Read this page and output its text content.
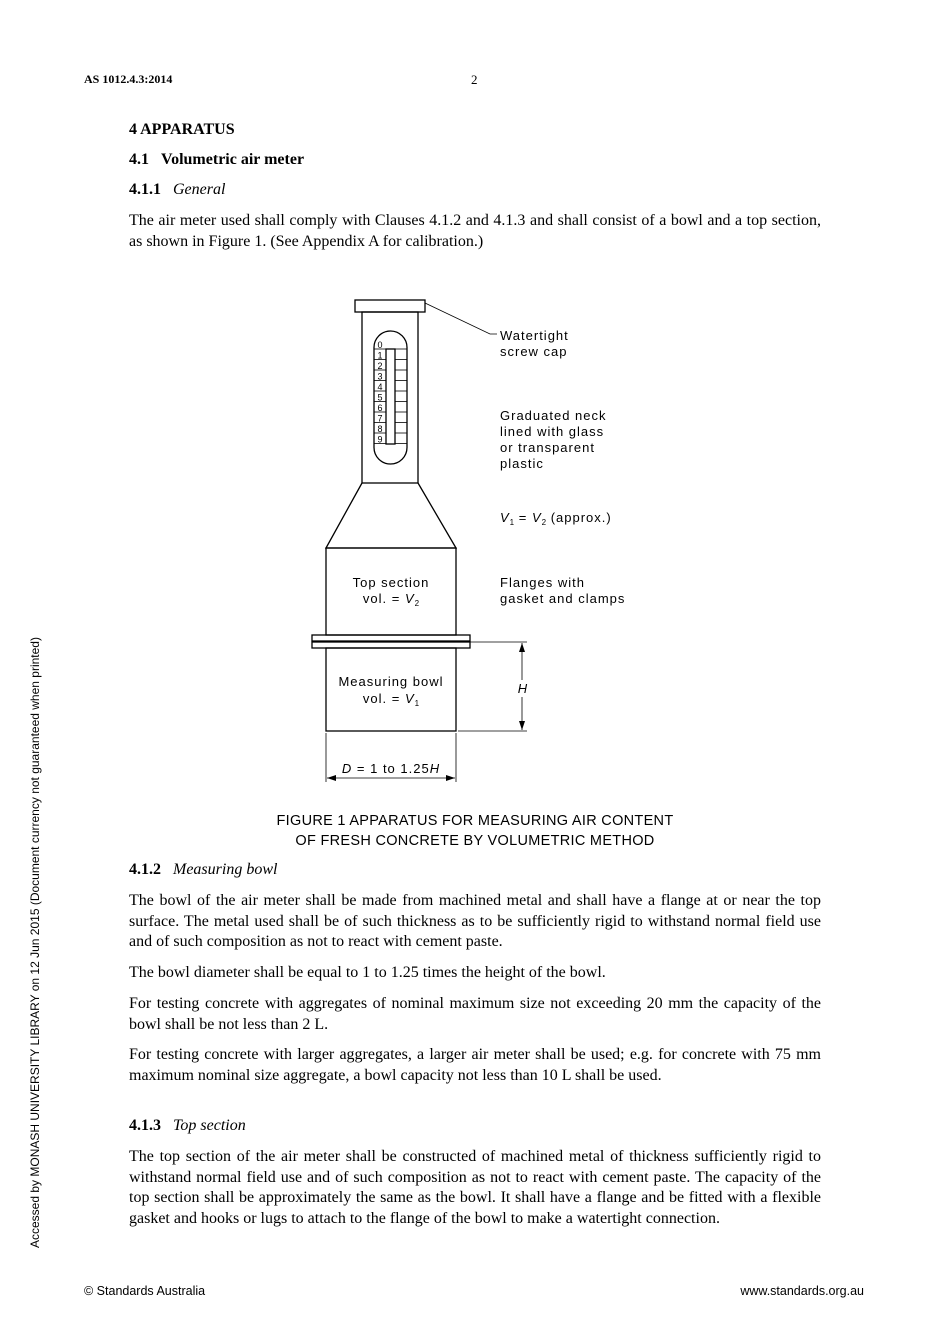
AS 1012.4.3:2014	2
4 APPARATUS
4.1 Volumetric air meter
4.1.1 General

The air meter used shall comply with Clauses 4.1.2 and 4.1.3 and shall consist of a bowl and a top section, as shown in Figure 1. (See Appendix A for calibration.)

0
1
2
3
4
5
6
7
8
9
Watertight
screw cap
Graduated neck
lined with glass
or transparent
plastic
$V_1 = V_2$ (approx.)
Flanges with
gasket and clamps
Top section
vol. = $V_2$
Measuring bowl
vol. = $V_1$
H
D = 1 to 1.25H
FIGURE 1 APPARATUS FOR MEASURING AIR CONTENT
OF FRESH CONCRETE BY VOLUMETRIC METHOD
4.1.2 Measuring bowl

The bowl of the air meter shall be made from machined metal and shall have a flange at or near the top surface. The metal used shall be of such thickness as to be sufficiently rigid to withstand normal field use and of such composition as not to react with cement paste.

The bowl diameter shall be equal to 1 to 1.25 times the height of the bowl.

For testing concrete with aggregates of nominal maximum size not exceeding 20 mm the capacity of the bowl shall be not less than 2 L.

For testing concrete with larger aggregates, a larger air meter shall be used; e.g. for concrete with 75 mm maximum nominal size aggregate, a bowl capacity not less than 10 L shall be used.

4.1.3 Top section

The top section of the air meter shall be constructed of machined metal of thickness sufficiently rigid to withstand normal field use and of such composition as not to react with cement paste. The capacity of the top section shall be approximately the same as the bowl. It shall have a flange and be fitted with a flexible gasket and hooks or lugs to attach to the flange of the bowl to make a watertight connection.

Accessed by MONASH UNIVERSITY LIBRARY on 12 Jun 2015 (Document currency not guaranteed when printed)
© Standards Australia	www.standards.org.au
